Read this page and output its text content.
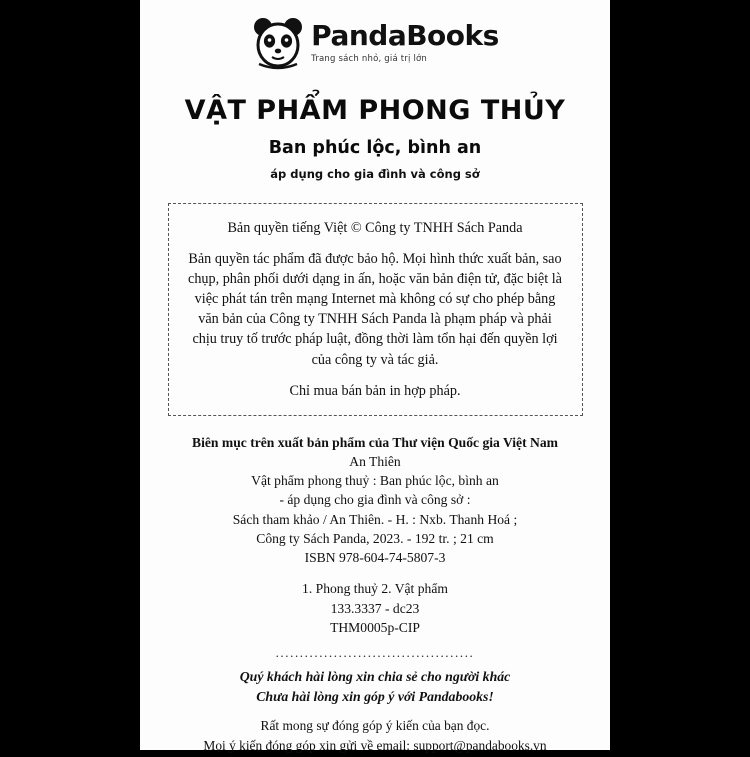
PandaBooks
Trang sách nhỏ, giá trị lớn
VẬT PHẨM PHONG THỦY
Ban phúc lộc, bình an
áp dụng cho gia đình và công sở

Bản quyền tiếng Việt © Công ty TNHH Sách Panda

Bản quyền tác phẩm đã được bảo hộ. Mọi hình thức xuất bản, sao chụp, phân phối dưới dạng in ấn, hoặc văn bản điện tử, đặc biệt là việc phát tán trên mạng Internet mà không có sự cho phép bằng văn bản của Công ty TNHH Sách Panda là phạm pháp và phải chịu truy tố trước pháp luật, đồng thời làm tổn hại đến quyền lợi của công ty và tác giả.

Chỉ mua bán bản in hợp pháp.

Biên mục trên xuất bản phẩm của Thư viện Quốc gia Việt Nam
An Thiên
Vật phẩm phong thuỷ : Ban phúc lộc, bình an
- áp dụng cho gia đình và công sở :
Sách tham khảo / An Thiên. - H. : Nxb. Thanh Hoá ;
Công ty Sách Panda, 2023. - 192 tr. ; 21 cm
ISBN 978-604-74-5807-3
1. Phong thuỷ 2. Vật phẩm
133.3337 - dc23
THM0005p-CIP
.........................................
Quý khách hài lòng xin chia sẻ cho người khác
Chưa hài lòng xin góp ý với Pandabooks!
Rất mong sự đóng góp ý kiến của bạn đọc.
Mọi ý kiến đóng góp xin gửi về email: support@pandabooks.vn
